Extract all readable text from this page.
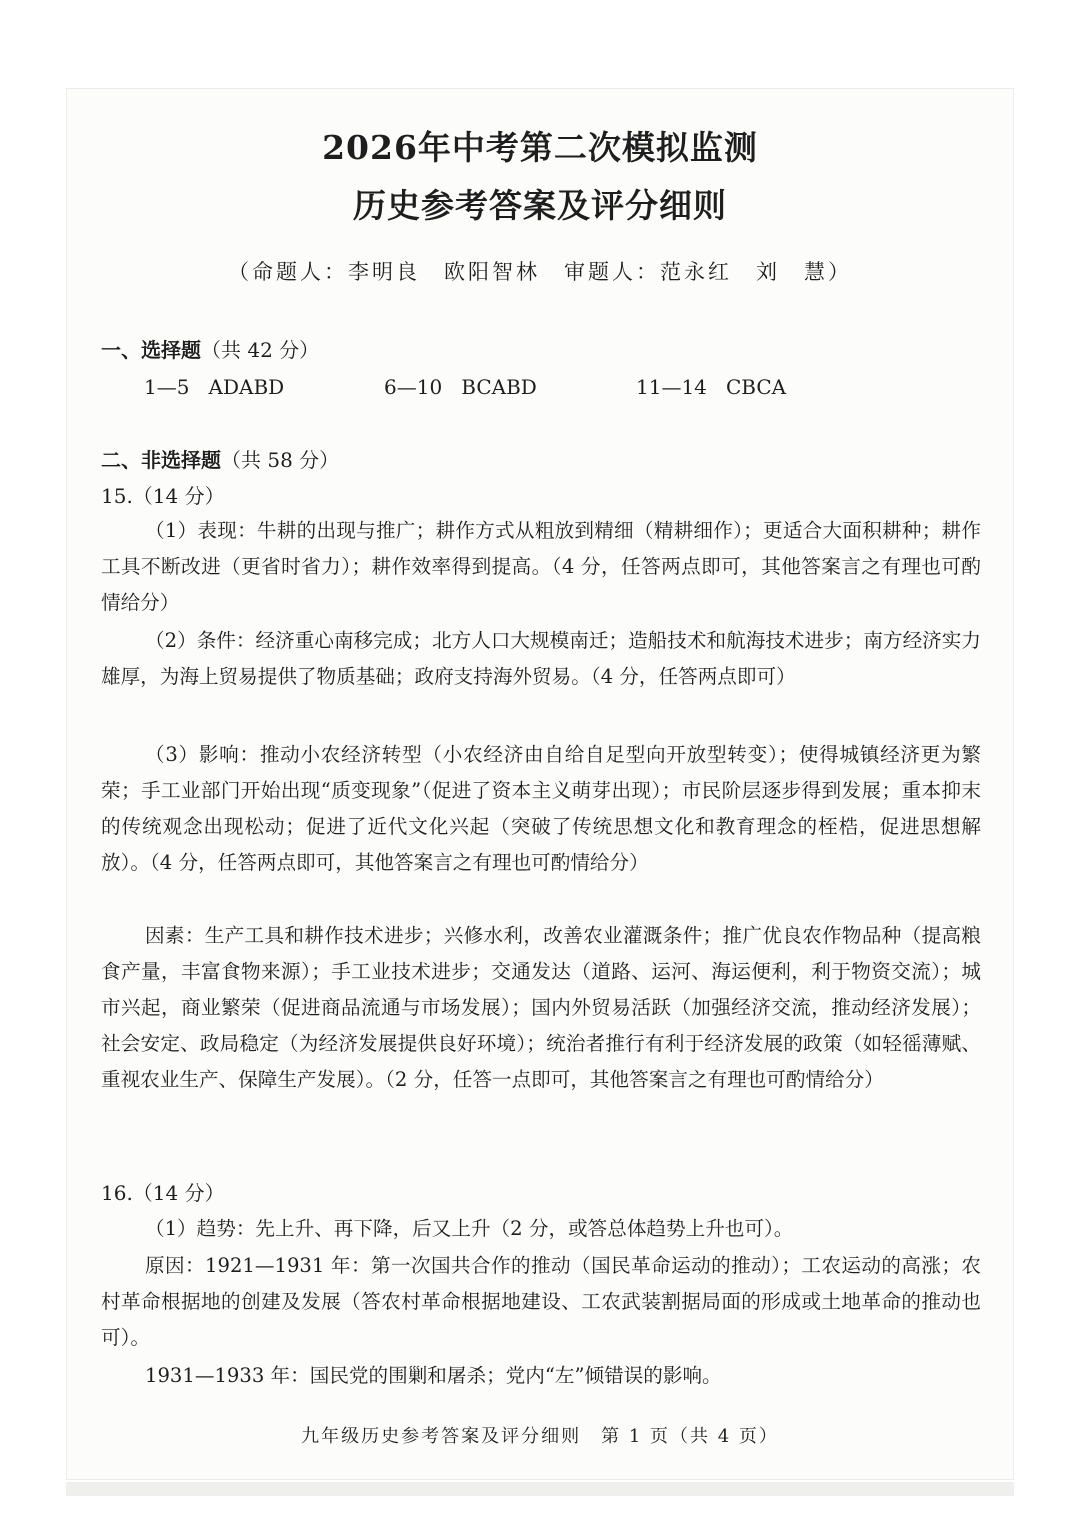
2026年中考第二次模拟监测
历史参考答案及评分细则
（命题人：李明良　欧阳智林　审题人：范永红　刘　慧）
一、选择题（共 42 分）
1—5 ADABD	6—10 BCABD	11—14 CBCA
二、非选择题（共 58 分）
15.（14 分）

（1）表现：牛耕的出现与推广；耕作方式从粗放到精细（精耕细作）；更适合大面积耕种；耕作工具不断改进（更省时省力）；耕作效率得到提高。（4 分，任答两点即可，其他答案言之有理也可酌情给分）

（2）条件：经济重心南移完成；北方人口大规模南迁；造船技术和航海技术进步；南方经济实力雄厚，为海上贸易提供了物质基础；政府支持海外贸易。（4 分，任答两点即可）

（3）影响：推动小农经济转型（小农经济由自给自足型向开放型转变）；使得城镇经济更为繁荣；手工业部门开始出现“质变现象”（促进了资本主义萌芽出现）；市民阶层逐步得到发展；重本抑末的传统观念出现松动；促进了近代文化兴起（突破了传统思想文化和教育理念的桎梏，促进思想解放）。（4 分，任答两点即可，其他答案言之有理也可酌情给分）

因素：生产工具和耕作技术进步；兴修水利，改善农业灌溉条件；推广优良农作物品种（提高粮食产量，丰富食物来源）；手工业技术进步；交通发达（道路、运河、海运便利，利于物资交流）；城市兴起，商业繁荣（促进商品流通与市场发展）；国内外贸易活跃（加强经济交流，推动经济发展）；社会安定、政局稳定（为经济发展提供良好环境）；统治者推行有利于经济发展的政策（如轻徭薄赋、重视农业生产、保障生产发展）。（2 分，任答一点即可，其他答案言之有理也可酌情给分）

16.（14 分）

（1）趋势：先上升、再下降，后又上升（2 分，或答总体趋势上升也可）。

原因：1921—1931 年：第一次国共合作的推动（国民革命运动的推动）；工农运动的高涨；农村革命根据地的创建及发展（答农村革命根据地建设、工农武装割据局面的形成或土地革命的推动也可）。

1931—1933 年：国民党的围剿和屠杀；党内“左”倾错误的影响。

九年级历史参考答案及评分细则　第 1 页（共 4 页）
